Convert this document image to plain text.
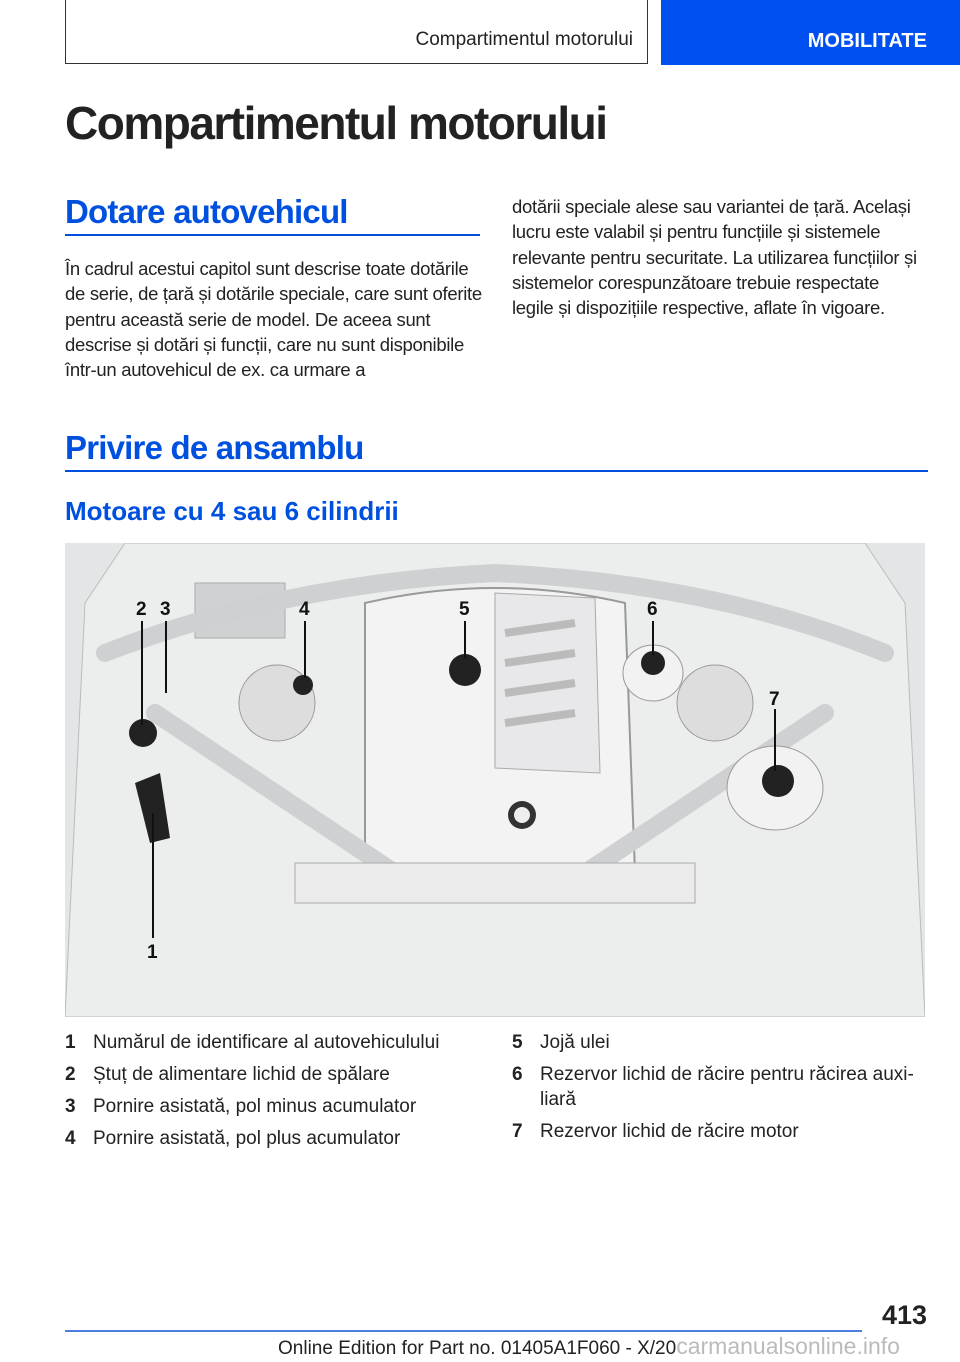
Compartimentul motorului	MOBILITATE
Compartimentul motorului
Dotare autovehicul
În cadrul acestui capitol sunt descrise toate dotările de serie, de țară și dotările speciale, care sunt oferite pentru această serie de model. De aceea sunt descrise și dotări și funcții, care nu sunt disponibile într-un autovehicul de ex. ca urmare a
dotării speciale alese sau variantei de țară. Același lucru este valabil și pentru funcțiile și sistemele relevante pentru securitate. La utilizarea funcțiilor și sistemelor corespunzătoare trebuie respectate legile și dispozițiile respective, aflate în vigoare.
Privire de ansamblu
Motoare cu 4 sau 6 cilindrii
1
2 3	4	5	6
7
1 Numărul de identificare al autovehiculului
2 Ștuț de alimentare lichid de spălare
3 Pornire asistată, pol minus acumulator
4 Pornire asistată, pol plus acumulator
5 Jojă ulei
6 Rezervor lichid de răcire pentru răcirea auxiliară
7 Rezervor lichid de răcire motor
413
Online Edition for Part no. 01405A1F060 - X/20carmanualsonline.info
